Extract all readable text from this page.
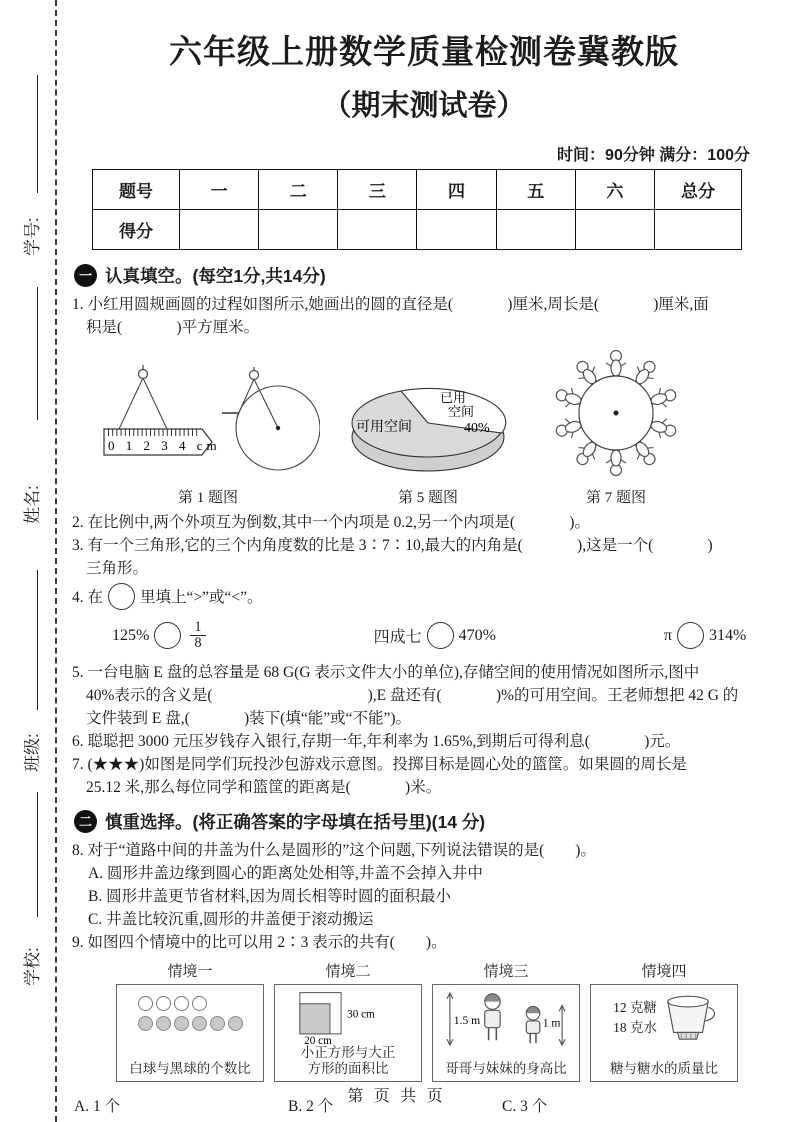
学号:
姓名:
班级:
学校:
六年级上册数学质量检测卷冀教版
（期末测试卷）
时间：90分钟 满分：100分
题号	一	二	三	四	五	六	总分
得分							
一 认真填空。(每空1分,共14分)
1. 小红用圆规画圆的过程如图所示,她画出的圆的直径是(              )厘米,周长是(              )厘米,面
积是(              )平方厘米。
0 1 2 3 4 cm
第 1 题图
可用空间
已用
空间
40%
第 5 题图	第 7 题图
2. 在比例中,两个外项互为倒数,其中一个内项是 0.2,另一个内项是(              )。
3. 有一个三角形,它的三个内角度数的比是 3∶7∶10,最大的内角是(              ),这是一个(              )
三角形。
4. 在 里填上“>”或“<”。
125%	$\frac{1}{8}$	四成七 470%	π 314%
5. 一台电脑 E 盘的总容量是 68 G(G 表示文件大小的单位),存储空间的使用情况如图所示,图中
40%表示的含义是(                                        ),E 盘还有(              )%的可用空间。王老师想把 42 G 的
文件装到 E 盘,(              )装下(填“能”或“不能”)。
6. 聪聪把 3000 元压岁钱存入银行,存期一年,年利率为 1.65%,到期后可得利息(              )元。
7. (★★★)如图是同学们玩投沙包游戏示意图。投掷目标是圆心处的篮筐。如果圆的周长是
25.12 米,那么每位同学和篮筐的距离是(              )米。
二 慎重选择。(将正确答案的字母填在括号里)(14 分)
8. 对于“道路中间的井盖为什么是圆形的”这个问题,下列说法错误的是(        )。
A. 圆形井盖边缘到圆心的距离处处相等,井盖不会掉入井中
B. 圆形井盖更节省材料,因为周长相等时圆的面积最小
C. 井盖比较沉重,圆形的井盖便于滚动搬运
9. 如图四个情境中的比可以用 2∶3 表示的共有(        )。
情境一
白球与黑球的个数比
情境二
30 cm
20 cm
小正方形与大正
方形的面积比
情境三
1.5 m	1 m
哥哥与妹妹的身高比
情境四
12 克糖
18 克水
糖与糖水的质量比
A. 1 个	B. 2 个	C. 3 个
第 页 共 页
